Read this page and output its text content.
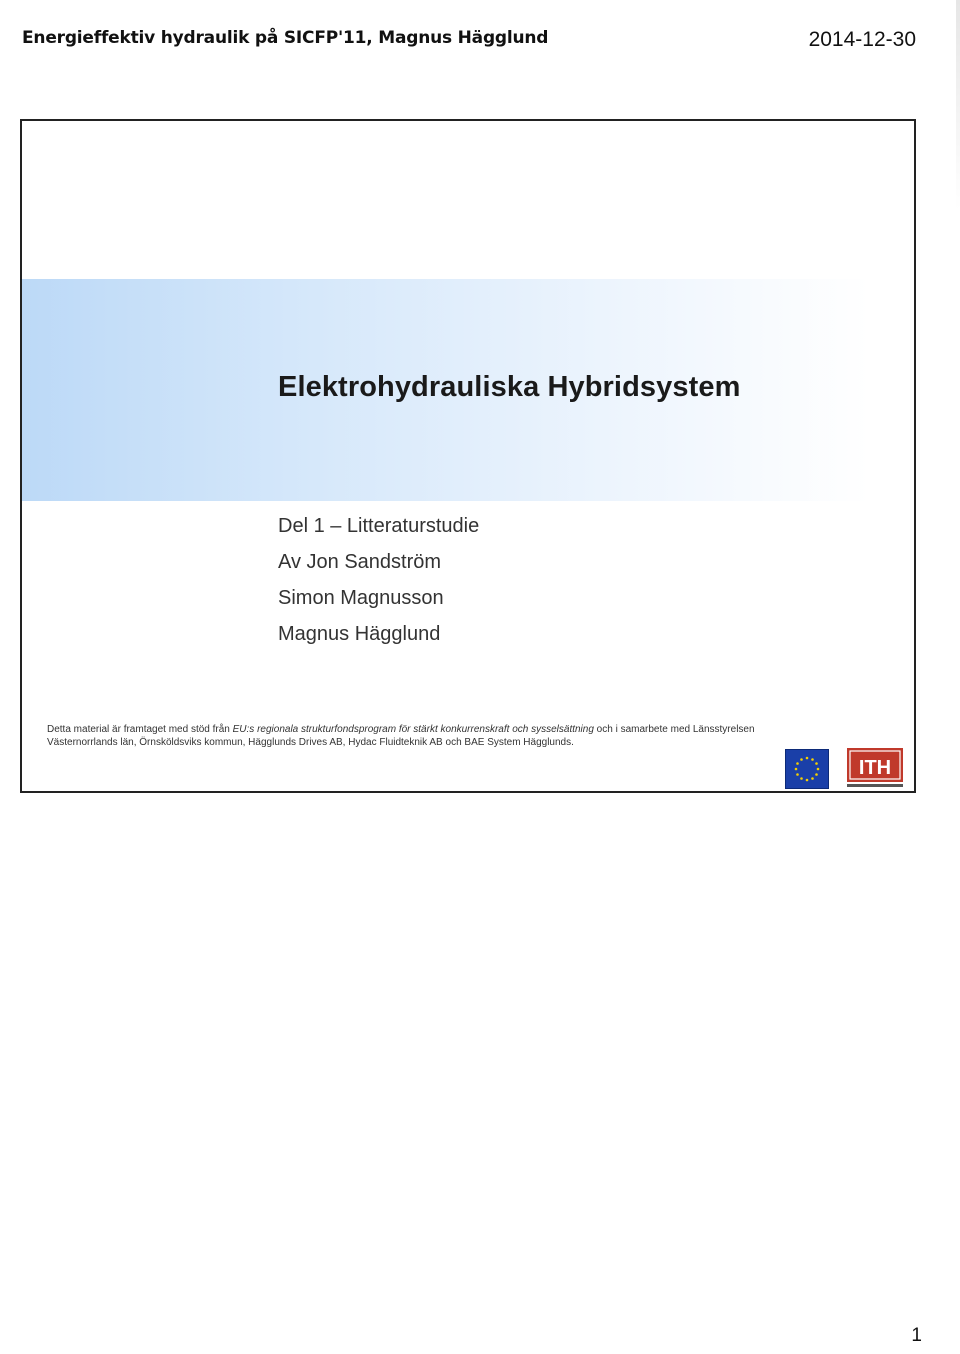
Energieffektiv hydraulik på SICFP'11, Magnus Hägglund	2014-12-30
Elektrohydrauliska Hybridsystem
Del 1 – Litteraturstudie
Av Jon Sandström
Simon Magnusson
Magnus Hägglund
Detta material är framtaget med stöd från EU:s regionala strukturfondsprogram för stärkt konkurrenskraft och sysselsättning och i samarbete med Länsstyrelsen Västernorrlands län, Örnsköldsviks kommun, Hägglunds Drives AB, Hydac Fluidteknik AB och BAE System Hägglunds.
ITH
1
